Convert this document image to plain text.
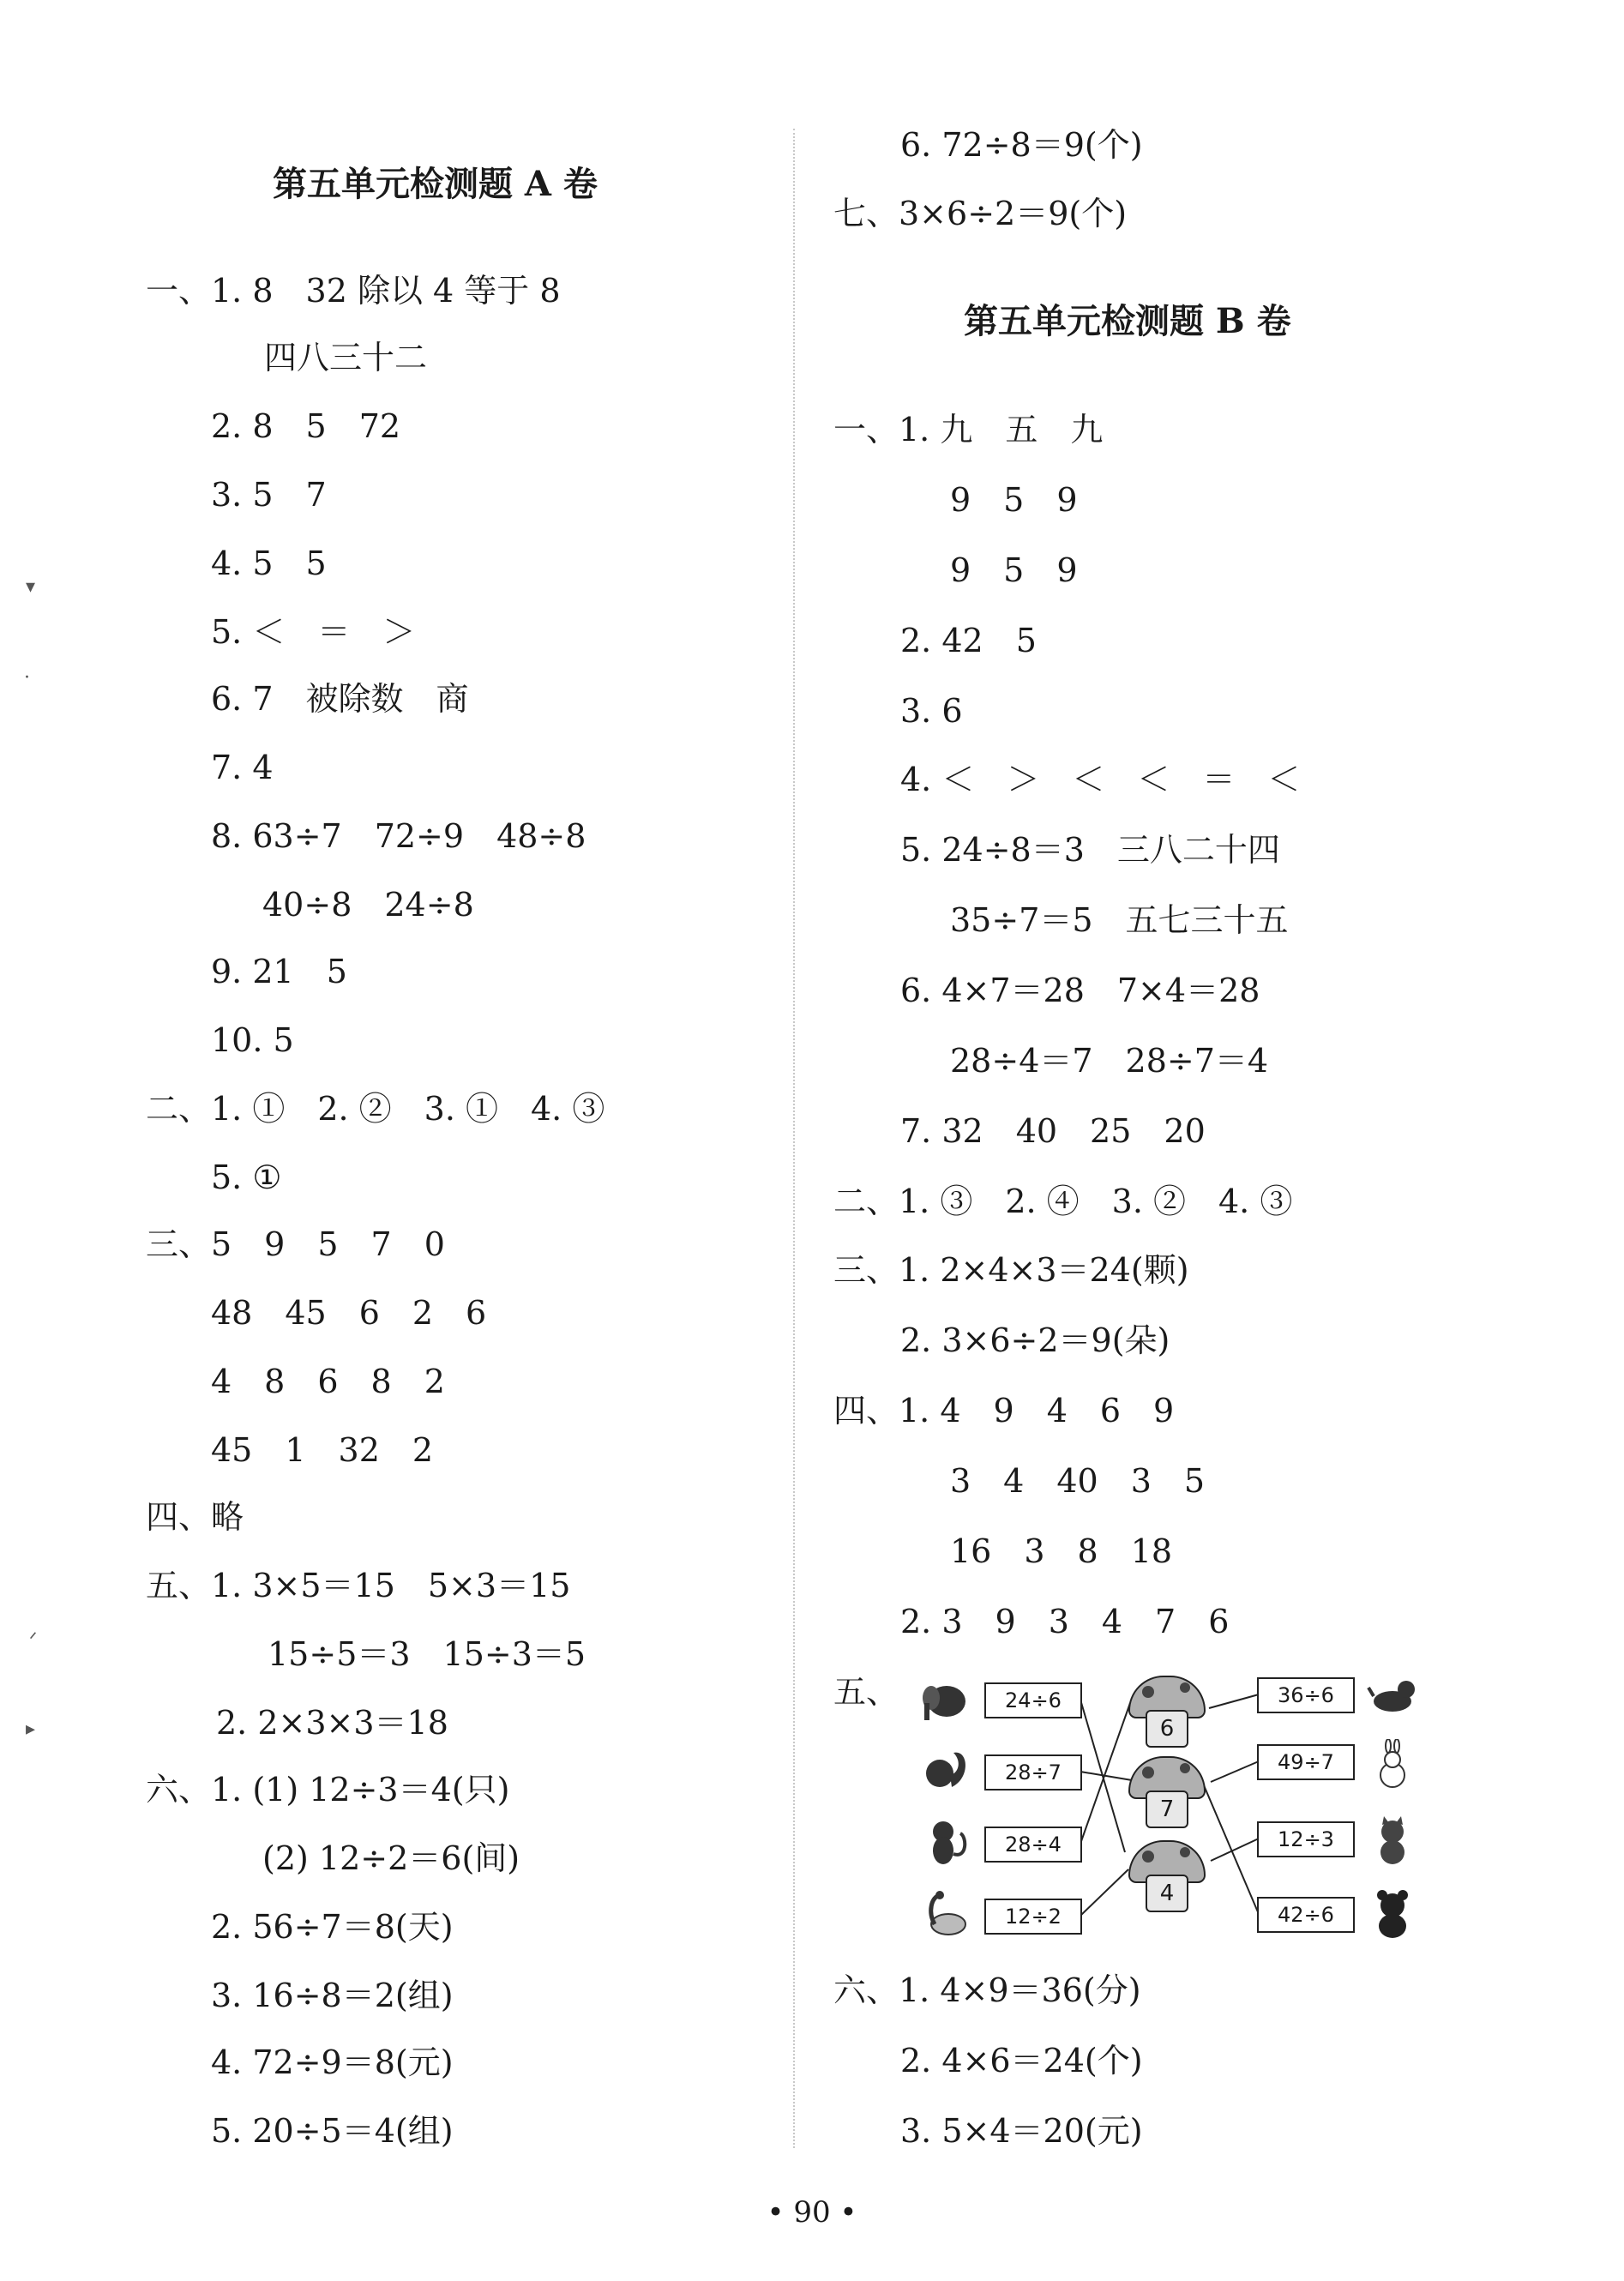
第五单元检测题 A 卷
一、1. 8　32 除以 4 等于 8
四八三十二
2. 8　5　72
3. 5　7
4. 5　5
5. ＜　＝　＞
6. 7　被除数　商
7. 4
8. 63÷7　72÷9　48÷8
40÷8　24÷8
9. 21　5
10. 5
二、1. ①　2. ②　3. ①　4. ③
5. ①
三、5　9　5　7　0
48　45　6　2　6
4　8　6　8　2
45　1　32　2
四、略
五、1. 3×5＝15　5×3＝15
15÷5＝3　15÷3＝5
2. 2×3×3＝18
六、1. (1) 12÷3＝4(只)
(2) 12÷2＝6(间)
2. 56÷7＝8(天)
3. 16÷8＝2(组)
4. 72÷9＝8(元)
5. 20÷5＝4(组)
6. 72÷8＝9(个)
七、3×6÷2＝9(个)
第五单元检测题 B 卷
一、1. 九　五　九
9　5　9
9　5　9
2. 42　5
3. 6
4. ＜　＞　＜　＜　＝　＜
5. 24÷8＝3　三八二十四
35÷7＝5　五七三十五
6. 4×7＝28　7×4＝28
28÷4＝7　28÷7＝4
7. 32　40　25　20
二、1. ③　2. ④　3. ②　4. ③
三、1. 2×4×3＝24(颗)
2. 3×6÷2＝9(朵)
四、1. 4　9　4　6　9
3　4　40　3　5
16　3　8　18
2. 3　9　3　4　7　6
五、	24÷6
28÷7
28÷4
12÷2
6
7
4
36÷6
49÷7
12÷3
42÷6
六、1. 4×9＝36(分)
2. 4×6＝24(个)
3. 5×4＝20(元)
▾
·
ᐟ
▸
• 90 •
